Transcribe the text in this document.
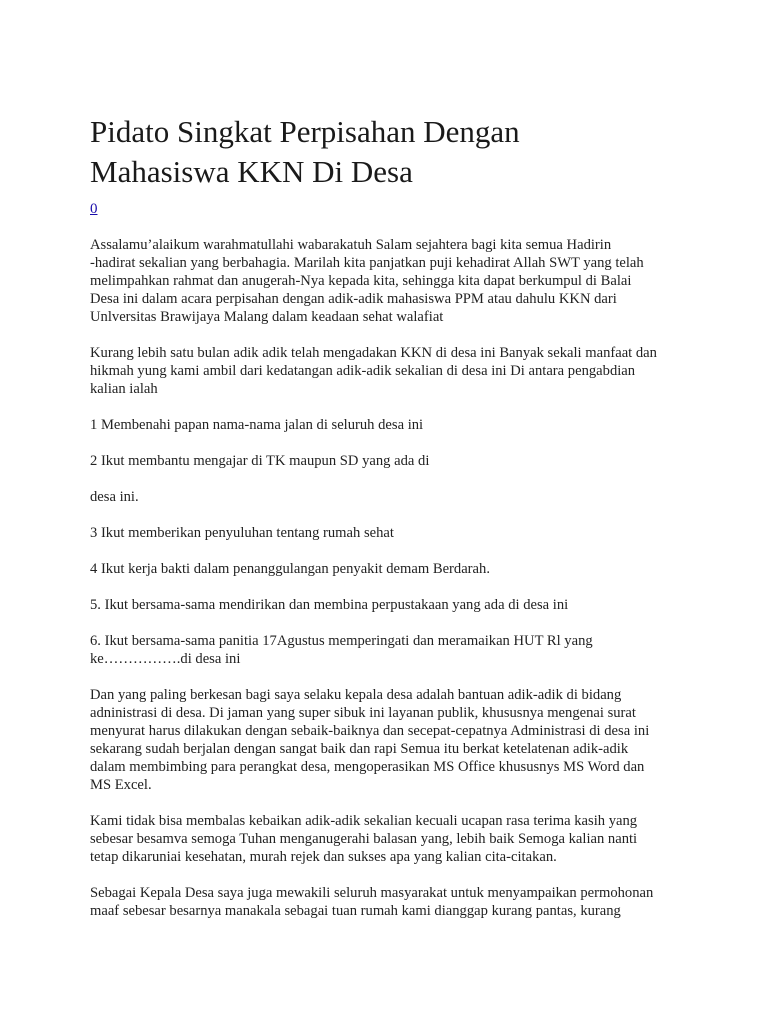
Pidato Singkat Perpisahan Dengan
Mahasiswa KKN Di Desa
0
Assalamu’alaikum warahmatullahi wabarakatuh Salam sejahtera bagi kita semua Hadirin
-hadirat sekalian yang berbahagia. Marilah kita panjatkan puji kehadirat Allah SWT yang telah
melimpahkan rahmat dan anugerah-Nya kepada kita, sehingga kita dapat berkumpul di Balai
Desa ini dalam acara perpisahan dengan adik-adik mahasiswa PPM atau dahulu KKN dari
Unlversitas Brawijaya Malang dalam keadaan sehat walafiat
Kurang lebih satu bulan adik adik telah mengadakan KKN di desa ini Banyak sekali manfaat dan
hikmah yung kami ambil dari kedatangan adik-adik sekalian di desa ini Di antara pengabdian
kalian ialah
1 Membenahi papan nama-nama jalan di seluruh desa ini
2 Ikut membantu mengajar di TK maupun SD yang ada di
desa ini.
3 Ikut memberikan penyuluhan tentang rumah sehat
4 Ikut kerja bakti dalam penanggulangan penyakit demam Berdarah.
5. Ikut bersama-sama mendirikan dan membina perpustakaan yang ada di desa ini
6. Ikut bersama-sama panitia 17Agustus memperingati dan meramaikan HUT Rl yang
ke…………….di desa ini
Dan yang paling berkesan bagi saya selaku kepala desa adalah bantuan adik-adik di bidang
adninistrasi di desa. Di jaman yang super sibuk ini layanan publik, khususnya mengenai surat
menyurat harus dilakukan dengan sebaik-baiknya dan secepat-cepatnya Administrasi di desa ini
sekarang sudah berjalan dengan sangat baik dan rapi Semua itu berkat ketelatenan adik-adik
dalam membimbing para perangkat desa, mengoperasikan MS Office khususnys MS Word dan
MS Excel.
Kami tidak bisa membalas kebaikan adik-adik sekalian kecuali ucapan rasa terima kasih yang
sebesar besamva semoga Tuhan menganugerahi balasan yang, lebih baik Semoga kalian nanti
tetap dikaruniai kesehatan, murah rejek dan sukses apa yang kalian cita-citakan.
Sebagai Kepala Desa saya juga mewakili seluruh masyarakat untuk menyampaikan permohonan
maaf sebesar besarnya manakala sebagai tuan rumah kami dianggap kurang pantas, kurang
